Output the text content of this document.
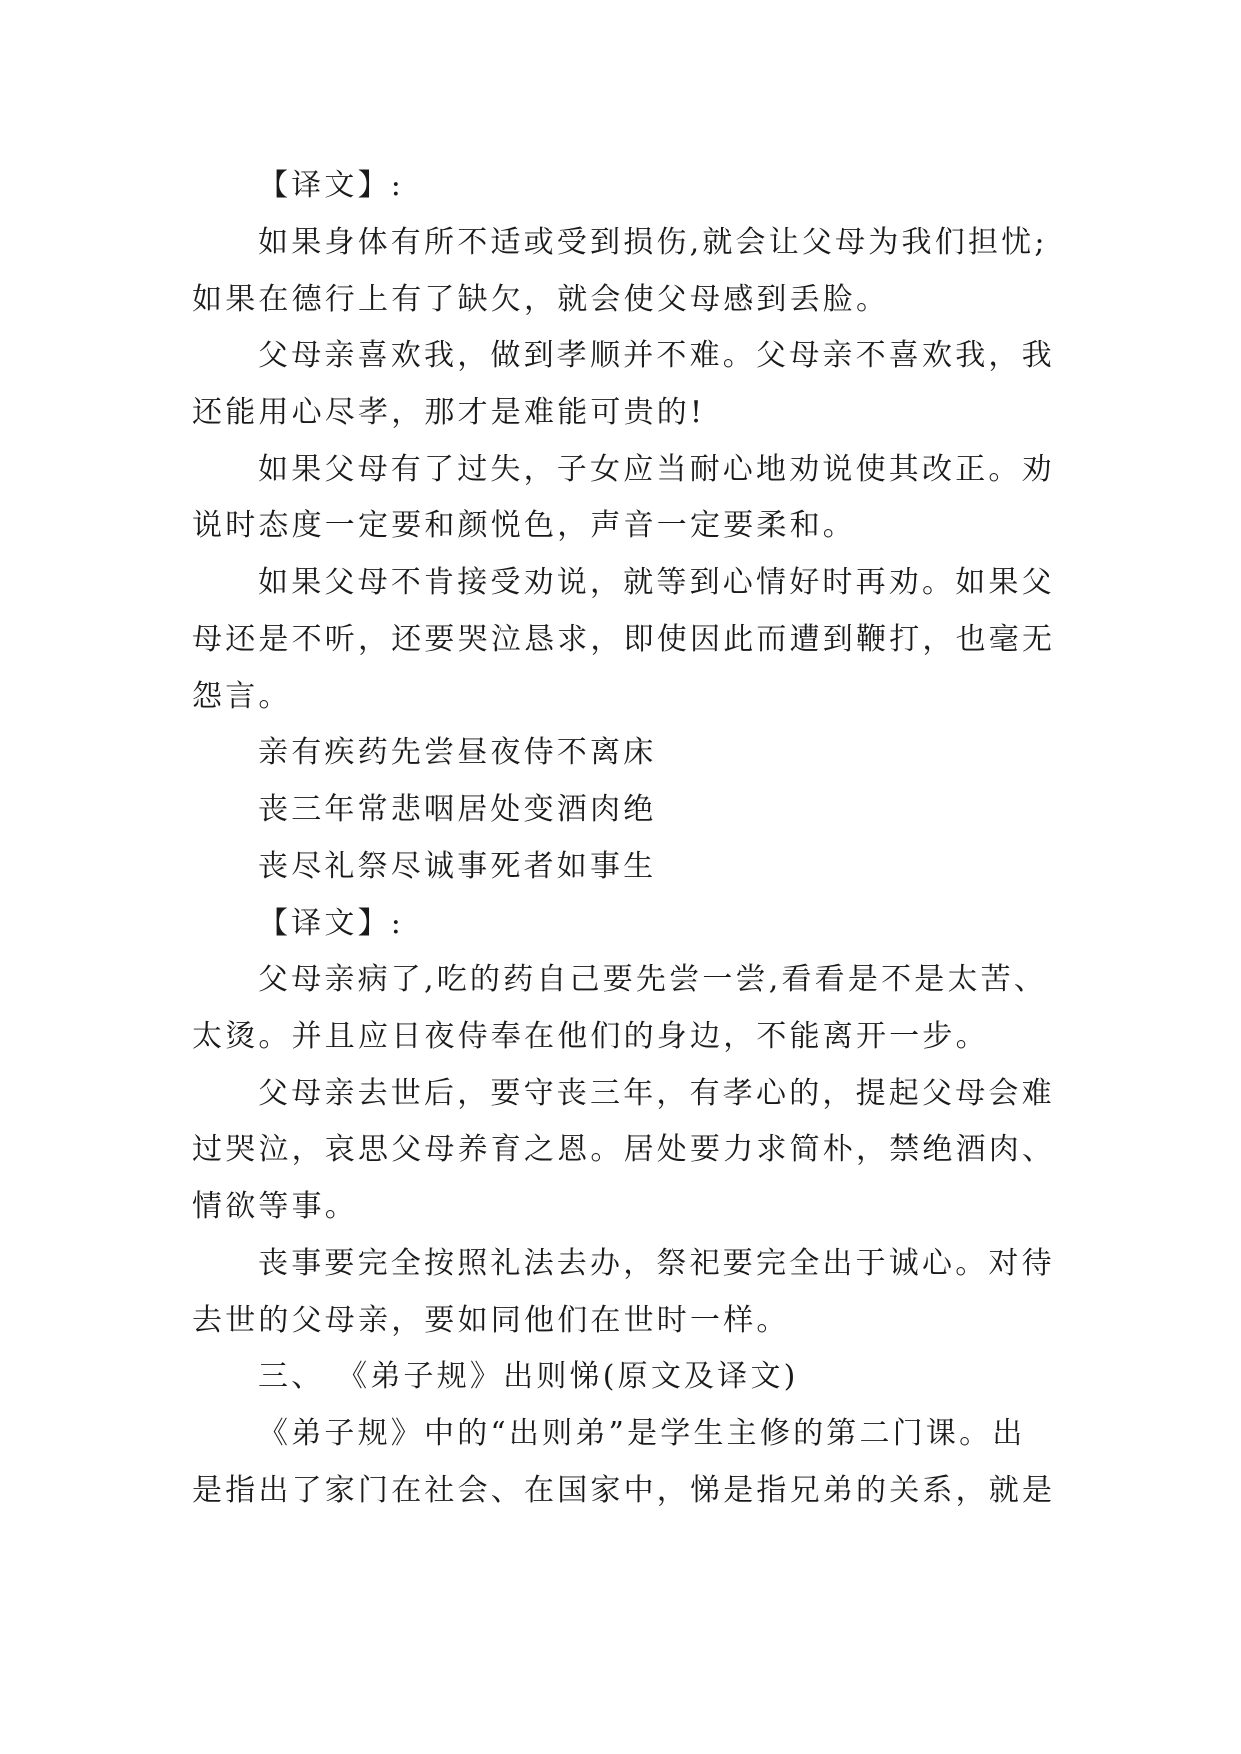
【译文】:
如果身体有所不适或受到损伤,就会让父母为我们担忧;
如果在德行上有了缺欠，就会使父母感到丢脸。
父母亲喜欢我，做到孝顺并不难。父母亲不喜欢我，我
还能用心尽孝，那才是难能可贵的!
如果父母有了过失，子女应当耐心地劝说使其改正。劝
说时态度一定要和颜悦色，声音一定要柔和。
如果父母不肯接受劝说，就等到心情好时再劝。如果父
母还是不听，还要哭泣恳求，即使因此而遭到鞭打，也毫无
怨言。
亲有疾药先尝昼夜侍不离床
丧三年常悲咽居处变酒肉绝
丧尽礼祭尽诚事死者如事生
【译文】:
父母亲病了,吃的药自己要先尝一尝,看看是不是太苦、
太烫。并且应日夜侍奉在他们的身边，不能离开一步。
父母亲去世后，要守丧三年，有孝心的，提起父母会难
过哭泣，哀思父母养育之恩。居处要力求简朴，禁绝酒肉、
情欲等事。
丧事要完全按照礼法去办，祭祀要完全出于诚心。对待
去世的父母亲，要如同他们在世时一样。
三、 《弟子规》出则悌(原文及译文)
《弟子规》中的“出则弟”是学生主修的第二门课。出
是指出了家门在社会、在国家中，悌是指兄弟的关系，就是
